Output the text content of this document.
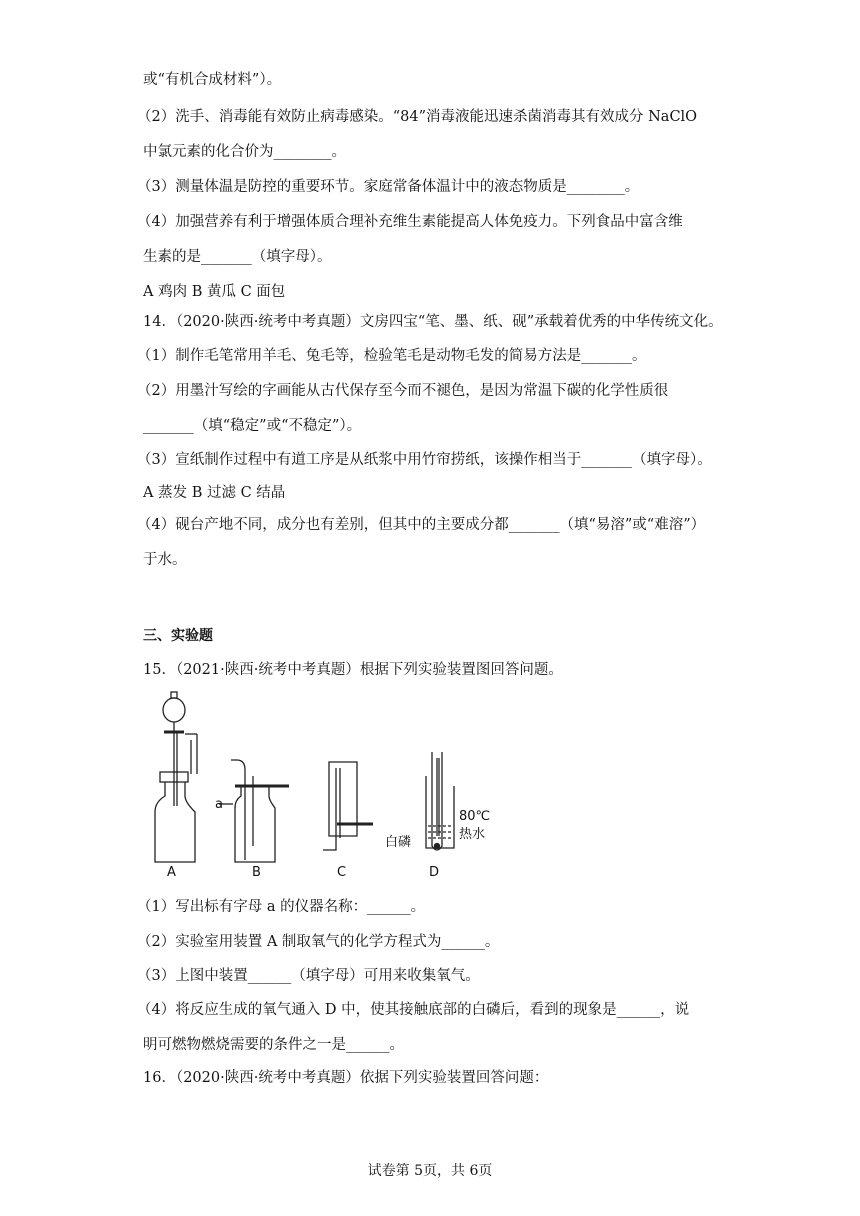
或“有机合成材料”）。
（2）洗手、消毒能有效防止病毒感染。“84”消毒液能迅速杀菌消毒其有效成分 NaClO
中氯元素的化合价为________。
（3）测量体温是防控的重要环节。家庭常备体温计中的液态物质是________。
（4）加强营养有利于增强体质合理补充维生素能提高人体免疫力。下列食品中富含维
生素的是_______（填字母）。
A 鸡肉 B 黄瓜 C 面包
14．（2020·陕西·统考中考真题）文房四宝“笔、墨、纸、砚”承载着优秀的中华传统文化。
（1）制作毛笔常用羊毛、兔毛等，检验笔毛是动物毛发的简易方法是_______。
（2）用墨汁写绘的字画能从古代保存至今而不褪色，是因为常温下碳的化学性质很
_______（填“稳定”或“不稳定”）。
（3）宣纸制作过程中有道工序是从纸浆中用竹帘捞纸，该操作相当于_______（填字母）。
A 蒸发 B 过滤 C 结晶
（4）砚台产地不同，成分也有差别，但其中的主要成分都_______（填“易溶”或“难溶”）
于水。
三、实验题
15．（2021·陕西·统考中考真题）根据下列实验装置图回答问题。
a
80℃
热水
白磷
A	B	C	D
（1）写出标有字母 a 的仪器名称：______。
（2）实验室用装置 A 制取氧气的化学方程式为______。
（3）上图中装置______（填字母）可用来收集氧气。
（4）将反应生成的氧气通入 D 中，使其接触底部的白磷后，看到的现象是______，说
明可燃物燃烧需要的条件之一是______。
16．（2020·陕西·统考中考真题）依据下列实验装置回答问题：
试卷第 5页，共 6页
